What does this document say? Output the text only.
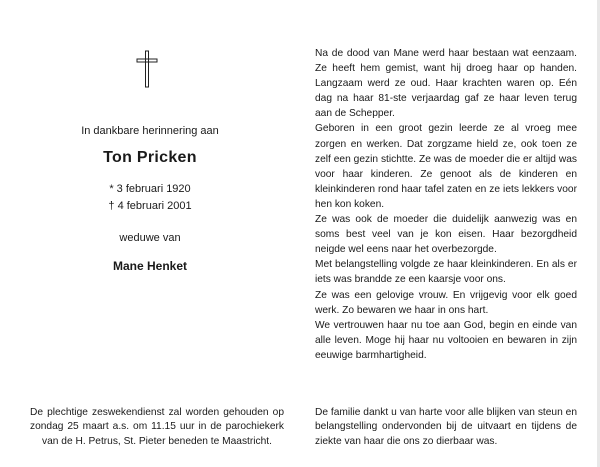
In dankbare herinnering aan
Ton Pricken
* 3 februari 1920
† 4 februari 2001
weduwe van
Mane Henket
De plechtige zeswekendienst zal worden gehouden op zondag 25 maart a.s. om 11.15 uur in de parochiekerk van de H. Petrus, St. Pieter beneden te Maastricht.

Na de dood van Mane werd haar bestaan wat eenzaam. Ze heeft hem gemist, want hij droeg haar op handen. Langzaam werd ze oud. Haar krachten waren op. Eén dag na haar 81-ste verjaardag gaf ze haar leven terug aan de Schepper.

Geboren in een groot gezin leerde ze al vroeg mee zorgen en werken. Dat zorgzame hield ze, ook toen ze zelf een gezin stichtte. Ze was de moeder die er altijd was voor haar kinderen. Ze genoot als de kinderen en kleinkinderen rond haar tafel zaten en ze iets lekkers voor hen kon koken.

Ze was ook de moeder die duidelijk aanwezig was en soms best veel van je kon eisen. Haar bezorgdheid neigde wel eens naar het overbezorgde.

Met belangstelling volgde ze haar kleinkinderen. En als er iets was brandde ze een kaarsje voor ons.

Ze was een gelovige vrouw. En vrijgevig voor elk goed werk. Zo bewaren we haar in ons hart.

We vertrouwen haar nu toe aan God, begin en einde van alle leven. Moge hij haar nu voltooien en bewaren in zijn eeuwige barmhartigheid.

De familie dankt u van harte voor alle blijken van steun en belangstelling ondervonden bij de uitvaart en tijdens de ziekte van haar die ons zo dierbaar was.
